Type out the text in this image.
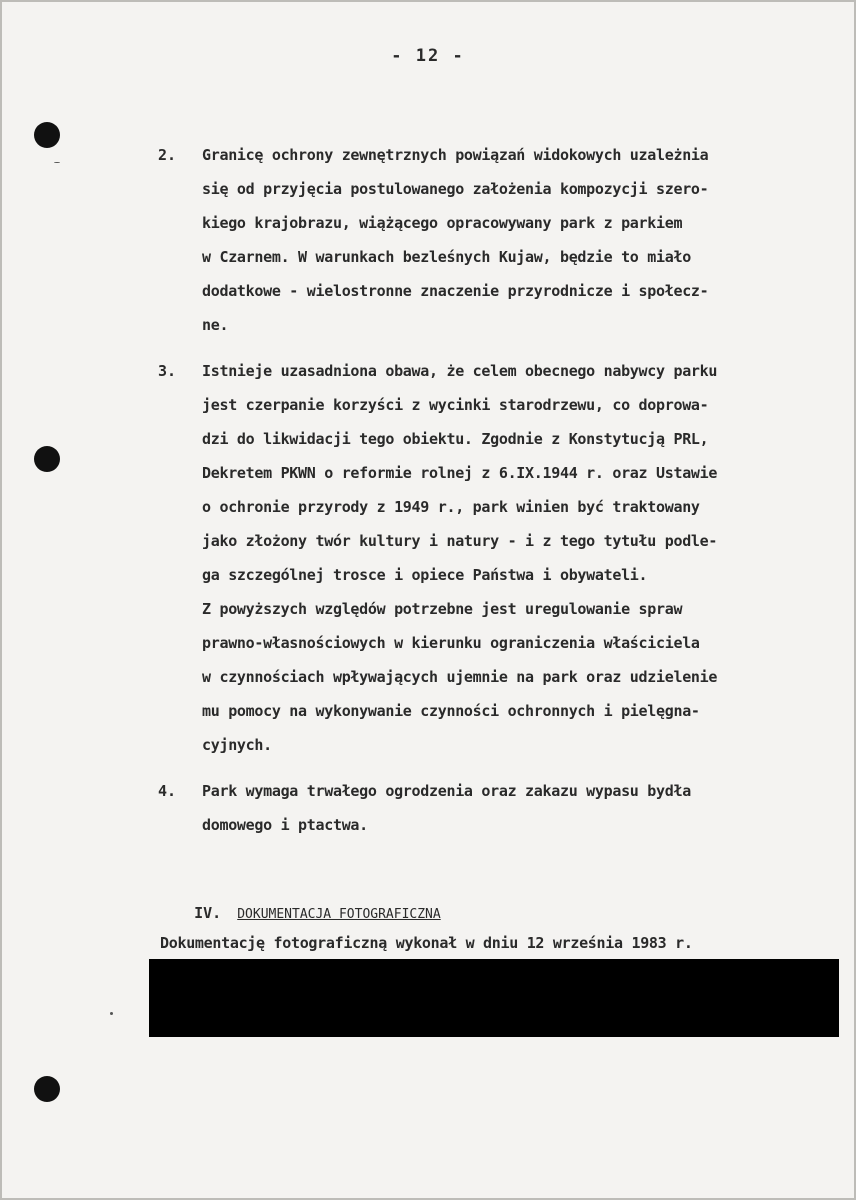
- 12 -
2. Granicę ochrony zewnętrznych powiązań widokowych uzależnia
się od przyjęcia postulowanego założenia kompozycji szero-
kiego krajobrazu, wiążącego opracowywany park z parkiem
w Czarnem. W warunkach bezleśnych Kujaw, będzie to miało
dodatkowe - wielostronne znaczenie przyrodnicze i społecz-
ne.
3. Istnieje uzasadniona obawa, że celem obecnego nabywcy parku
jest czerpanie korzyści z wycinki starodrzewu, co doprowa-
dzi do likwidacji tego obiektu. Zgodnie z Konstytucją PRL,
Dekretem PKWN o reformie rolnej z 6.IX.1944 r. oraz Ustawie
o ochronie przyrody z 1949 r., park winien być traktowany
jako złożony twór kultury i natury - i z tego tytułu podle-
ga szczególnej trosce i opiece Państwa i obywateli.
Z powyższych względów potrzebne jest uregulowanie spraw
prawno-własnościowych w kierunku ograniczenia właściciela
w czynnościach wpływających ujemnie na park oraz udzielenie
mu pomocy na wykonywanie czynności ochronnych i pielęgna-
cyjnych.
4. Park wymaga trwałego ogrodzenia oraz zakazu wypasu bydła
domowego i ptactwa.

IV. DOKUMENTACJA FOTOGRAFICZNA

Dokumentację fotograficzną wykonał w dniu 12 września 1983 r.
